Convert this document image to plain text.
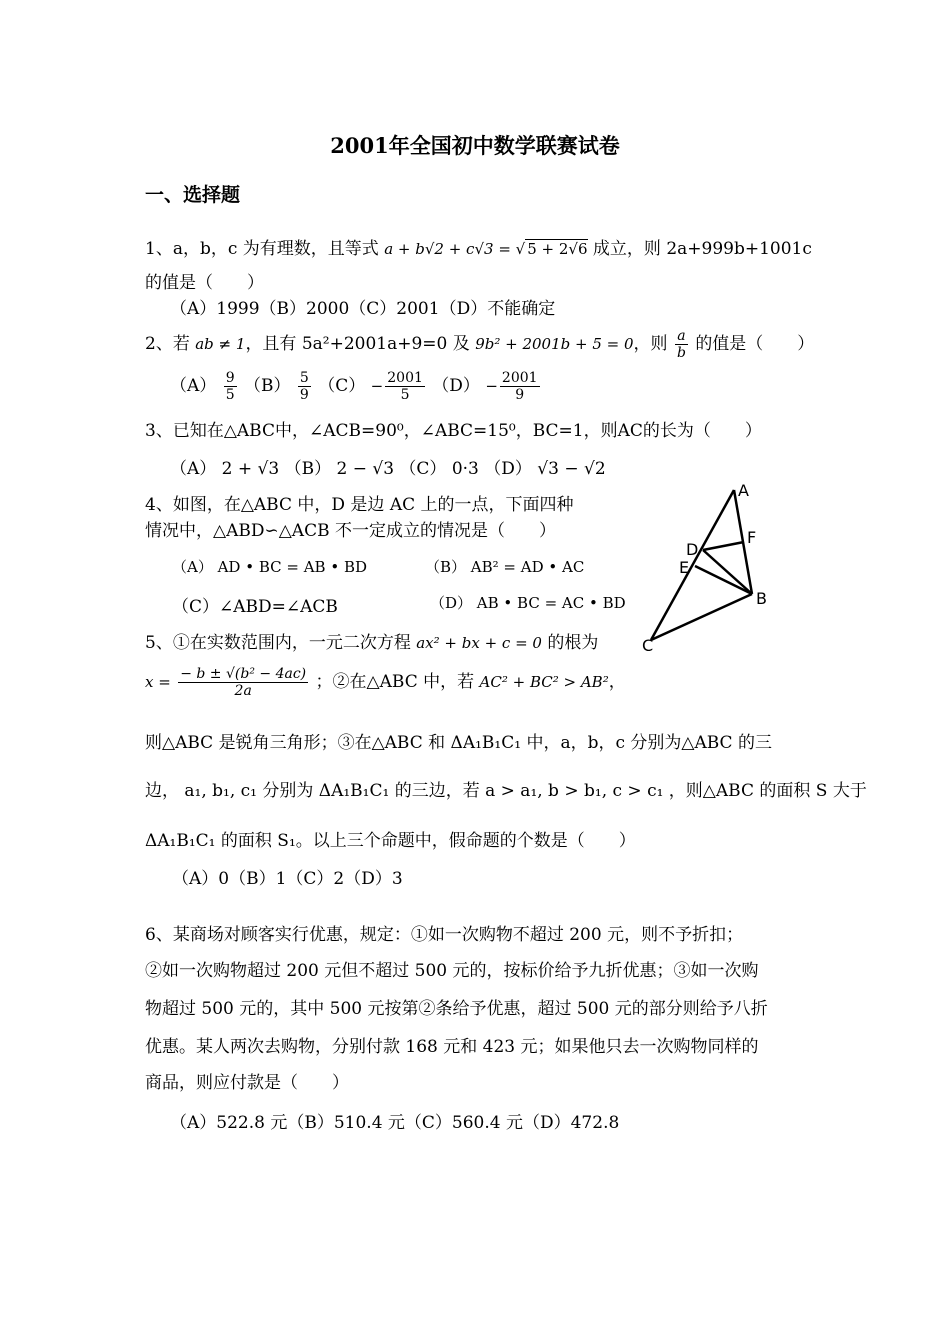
2001年全国初中数学联赛试卷
一、选择题
1、a，b，c 为有理数，且等式 a + b√2 + c√3 = √ 5 + 2√6 成立，则 2a+999b+1001c
的值是（　　）
（A）1999（B）2000（C）2001（D）不能确定
2、若 ab ≠ 1，且有 5a²+2001a+9=0 及 9b² + 2001b + 5 = 0，则 $\frac{a}{b}$ 的值是（　　）
$(A) \frac{9}{5} (B) \frac{5}{9} (C) - \frac{2001}{5} (D) - \frac{2001}{9}$
3、已知在△ABC中，∠ACB=90⁰，∠ABC=15⁰，BC=1，则AC的长为（　　）
（A） 2 + √3 （B） 2 − √3 （C） 0·3 （D） √3 − √2
4、如图，在△ABC 中，D 是边 AC 上的一点，下面四种
情况中，△ABD∽△ACB 不一定成立的情况是（　　）
（A） AD • BC = AB • BD	（B） AB² = AD • AC
（C）∠ABD=∠ACB	（D） AB • BC = AC • BD
A
D
F
E
B
C
5、①在实数范围内，一元二次方程 ax² + bx + c = 0 的根为
$x = \frac{\text{− b ± √(b² − 4ac)}}{2a}$ ；②在△ABC 中，若 AC² + BC² > AB²，
则△ABC 是锐角三角形；③在△ABC 和 ΔA₁B₁C₁ 中，a，b，c 分别为△ABC 的三
边， a₁, b₁, c₁ 分别为 ΔA₁B₁C₁ 的三边，若 a > a₁, b > b₁, c > c₁ ，则△ABC 的面积 S 大于
ΔA₁B₁C₁ 的面积 S₁。以上三个命题中，假命题的个数是（　　）
（A）0（B）1（C）2（D）3
6、某商场对顾客实行优惠，规定：①如一次购物不超过 200 元，则不予折扣；
②如一次购物超过 200 元但不超过 500 元的，按标价给予九折优惠；③如一次购
物超过 500 元的，其中 500 元按第②条给予优惠，超过 500 元的部分则给予八折
优惠。某人两次去购物，分别付款 168 元和 423 元；如果他只去一次购物同样的
商品，则应付款是（　　）
（A）522.8 元（B）510.4 元（C）560.4 元（D）472.8
